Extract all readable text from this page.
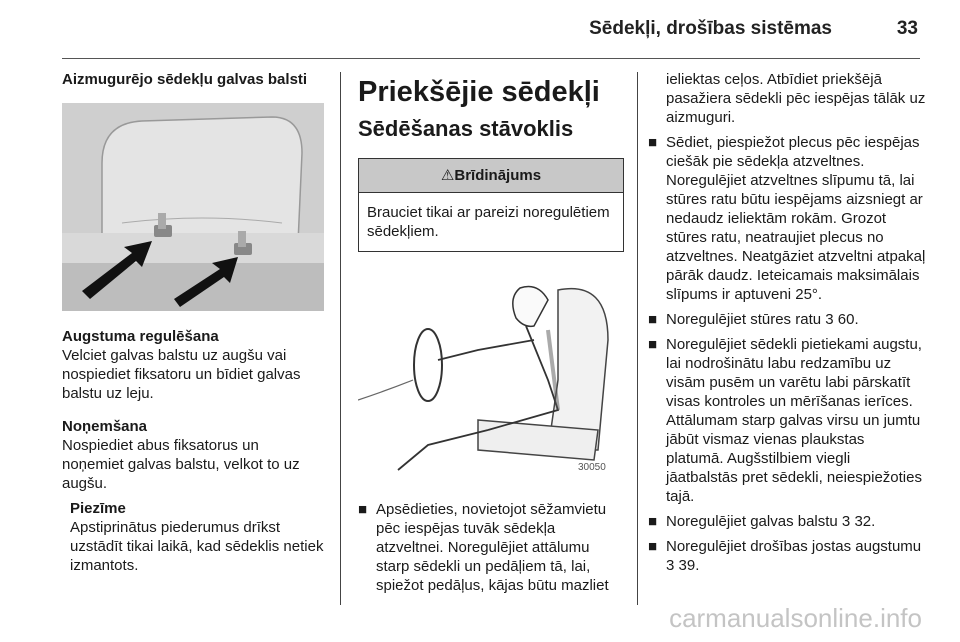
Sēdekļi, drošības sistēmas	33

Aizmugurējo sēdekļu galvas balsti

Augstuma regulēšana

Velciet galvas balstu uz augšu vai nospiediet fiksatoru un bīdiet galvas balstu uz leju.

Noņemšana

Nospiediet abus fiksatorus un noņemiet galvas balstu, velkot to uz augšu.

Piezīme

Apstiprinātus piederumus drīkst uzstādīt tikai laikā, kad sēdeklis netiek izmantots.

Priekšējie sēdekļi

Sēdēšanas stāvoklis

⚠Brīdinājums
Brauciet tikai ar pareizi noregulētiem sēdekļiem.
30050
■ Apsēdieties, novietojot sēžamvietu pēc iespējas tuvāk sēdekļa atzveltnei. Noregulējiet attālumu starp sēdekli un pedāļiem tā, lai, spiežot pedāļus, kājas būtu mazliet

ieliektas ceļos. Atbīdiet priekšējā pasažiera sēdekli pēc iespējas tālāk uz aizmuguri.

■ Sēdiet, piespiežot plecus pēc iespējas ciešāk pie sēdekļa atzveltnes. Noregulējiet atzveltnes slīpumu tā, lai stūres ratu būtu iespējams aizsniegt ar nedaudz ieliektām rokām. Grozot stūres ratu, neatraujiet plecus no atzveltnes. Neatgāziet atzveltni atpakaļ pārāk daudz. Ieteicamais maksimālais slīpums ir aptuveni 25°.
■ Noregulējiet stūres ratu 3 60.
■ Noregulējiet sēdekli pietiekami augstu, lai nodrošinātu labu redzamību uz visām pusēm un varētu labi pārskatīt visas kontroles un mērīšanas ierīces. Attālumam starp galvas virsu un jumtu jābūt vismaz vienas plaukstas platumā. Augšstilbiem viegli jāatbalstās pret sēdekli, neiespiežoties tajā.
■ Noregulējiet galvas balstu 3 32.
■ Noregulējiet drošības jostas augstumu 3 39.
carmanualsonline.info
